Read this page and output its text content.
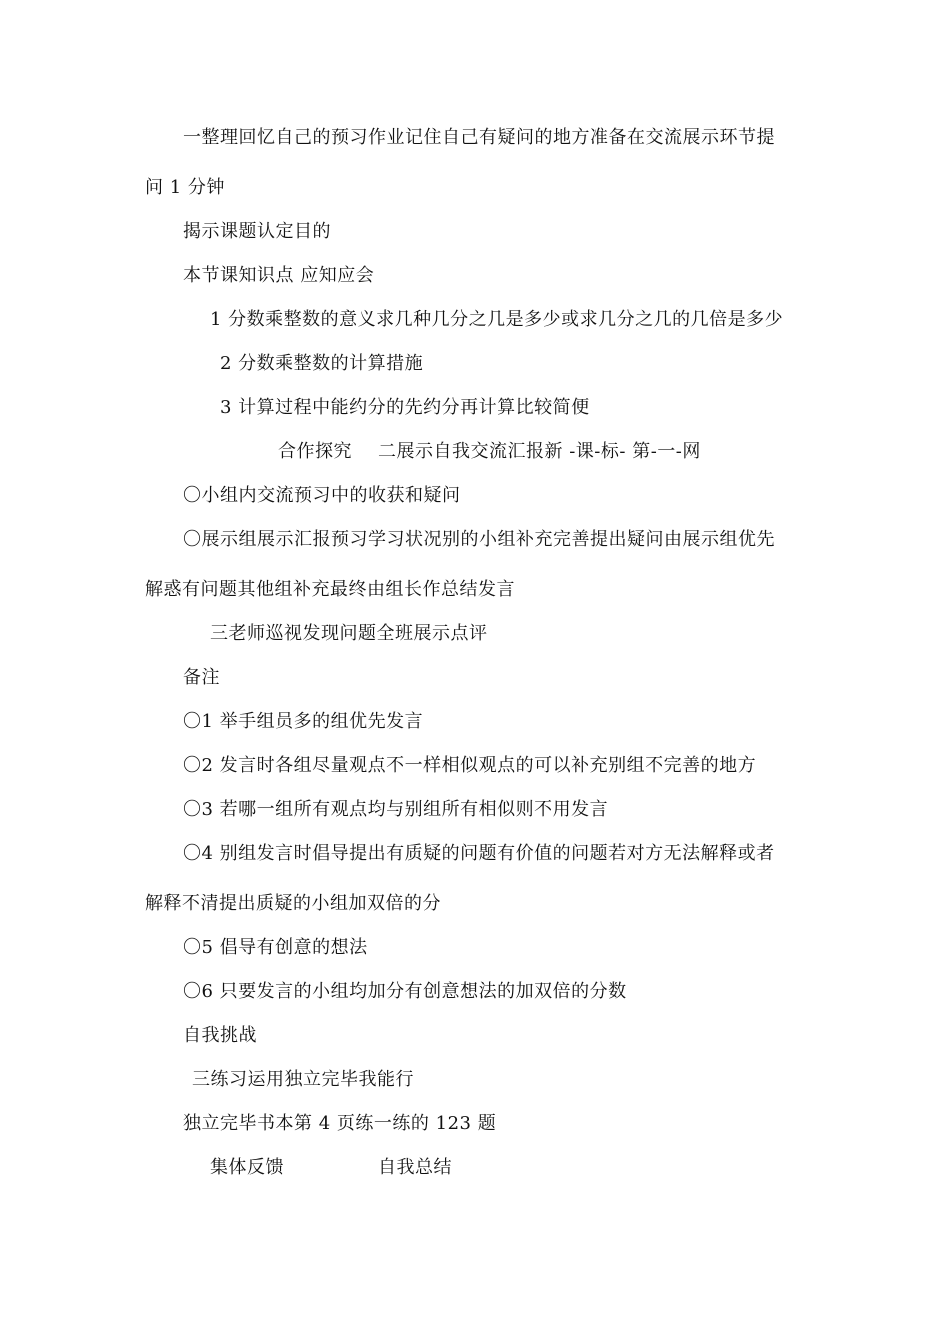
一整理回忆自己的预习作业记住自己有疑问的地方准备在交流展示环节提
问 1 分钟
揭示课题认定目的
本节课知识点 应知应会
1 分数乘整数的意义求几种几分之几是多少或求几分之几的几倍是多少
2 分数乘整数的计算措施
3 计算过程中能约分的先约分再计算比较简便
合作探究 二展示自我交流汇报新 -课-标- 第-一-网
〇小组内交流预习中的收获和疑问
〇展示组展示汇报预习学习状况别的小组补充完善提出疑问由展示组优先
解惑有问题其他组补充最终由组长作总结发言
三老师巡视发现问题全班展示点评
备注
〇1 举手组员多的组优先发言
〇2 发言时各组尽量观点不一样相似观点的可以补充别组不完善的地方
〇3 若哪一组所有观点均与别组所有相似则不用发言
〇4 别组发言时倡导提出有质疑的问题有价值的问题若对方无法解释或者
解释不清提出质疑的小组加双倍的分
〇5 倡导有创意的想法
〇6 只要发言的小组均加分有创意想法的加双倍的分数
自我挑战
三练习运用独立完毕我能行
独立完毕书本第 4 页练一练的 123 题
集体反馈	自我总结
